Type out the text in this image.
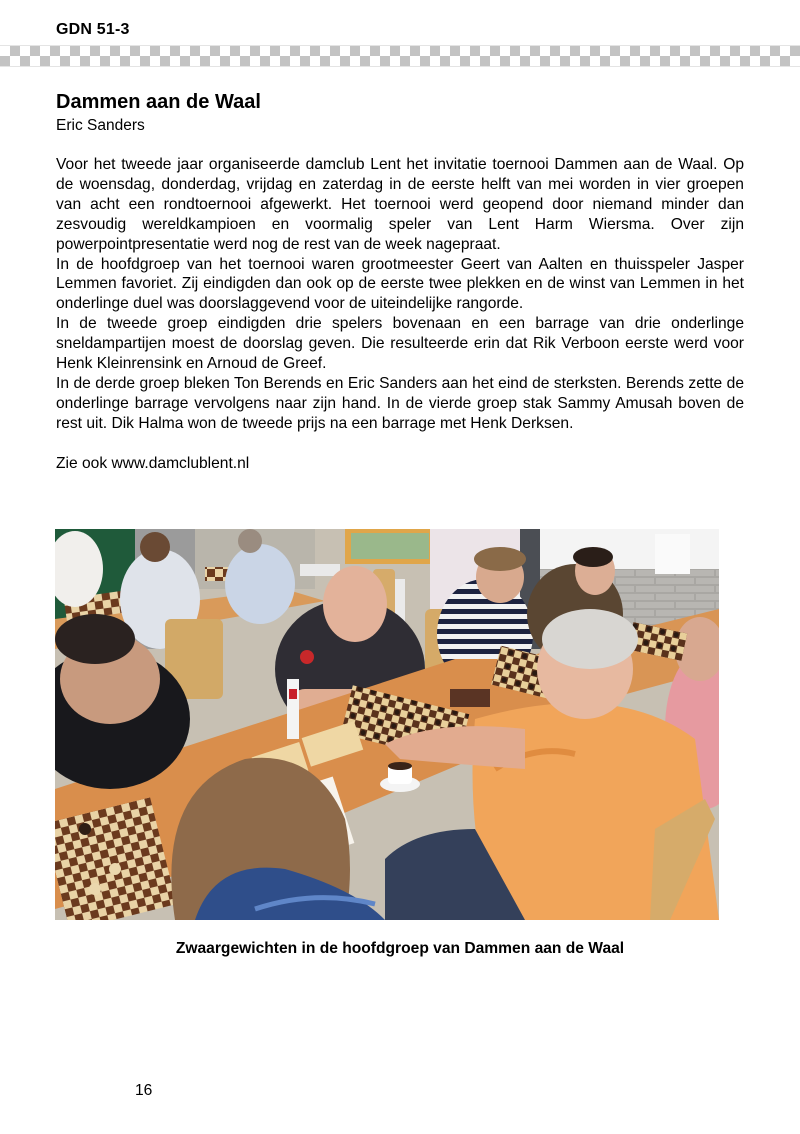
GDN 51-3
Dammen aan de Waal
Eric Sanders

Voor het tweede jaar organiseerde damclub Lent het invitatie toernooi Dammen aan de Waal. Op de woensdag, donderdag, vrijdag en zaterdag in de eerste helft van mei worden in vier groepen van acht een rondtoernooi afgewerkt. Het toernooi werd geopend door niemand minder dan zesvoudig wereldkampioen en voormalig speler van Lent Harm Wiersma. Over zijn powerpointpresentatie werd nog de rest van de week nagepraat.

In de hoofdgroep van het toernooi waren grootmeester Geert van Aalten en thuisspeler Jasper Lemmen favoriet. Zij eindigden dan ook op de eerste twee plekken en de winst van Lemmen in het onderlinge duel was doorslaggevend voor de uiteindelijke rangorde.

In de tweede groep eindigden drie spelers bovenaan en een barrage van drie onderlinge sneldampartijen moest de doorslag geven. Die resulteerde erin dat Rik Verboon eerste werd voor Henk Kleinrensink en Arnoud de Greef.

In de derde groep bleken Ton Berends en Eric Sanders aan het eind de sterksten. Berends zette de onderlinge barrage vervolgens naar zijn hand. In de vierde groep stak Sammy Amusah boven de rest uit. Dik Halma won de tweede prijs na een barrage met Henk Derksen.

Zie ook www.damclublent.nl

Zwaargewichten in de hoofdgroep van Dammen aan de Waal
16
